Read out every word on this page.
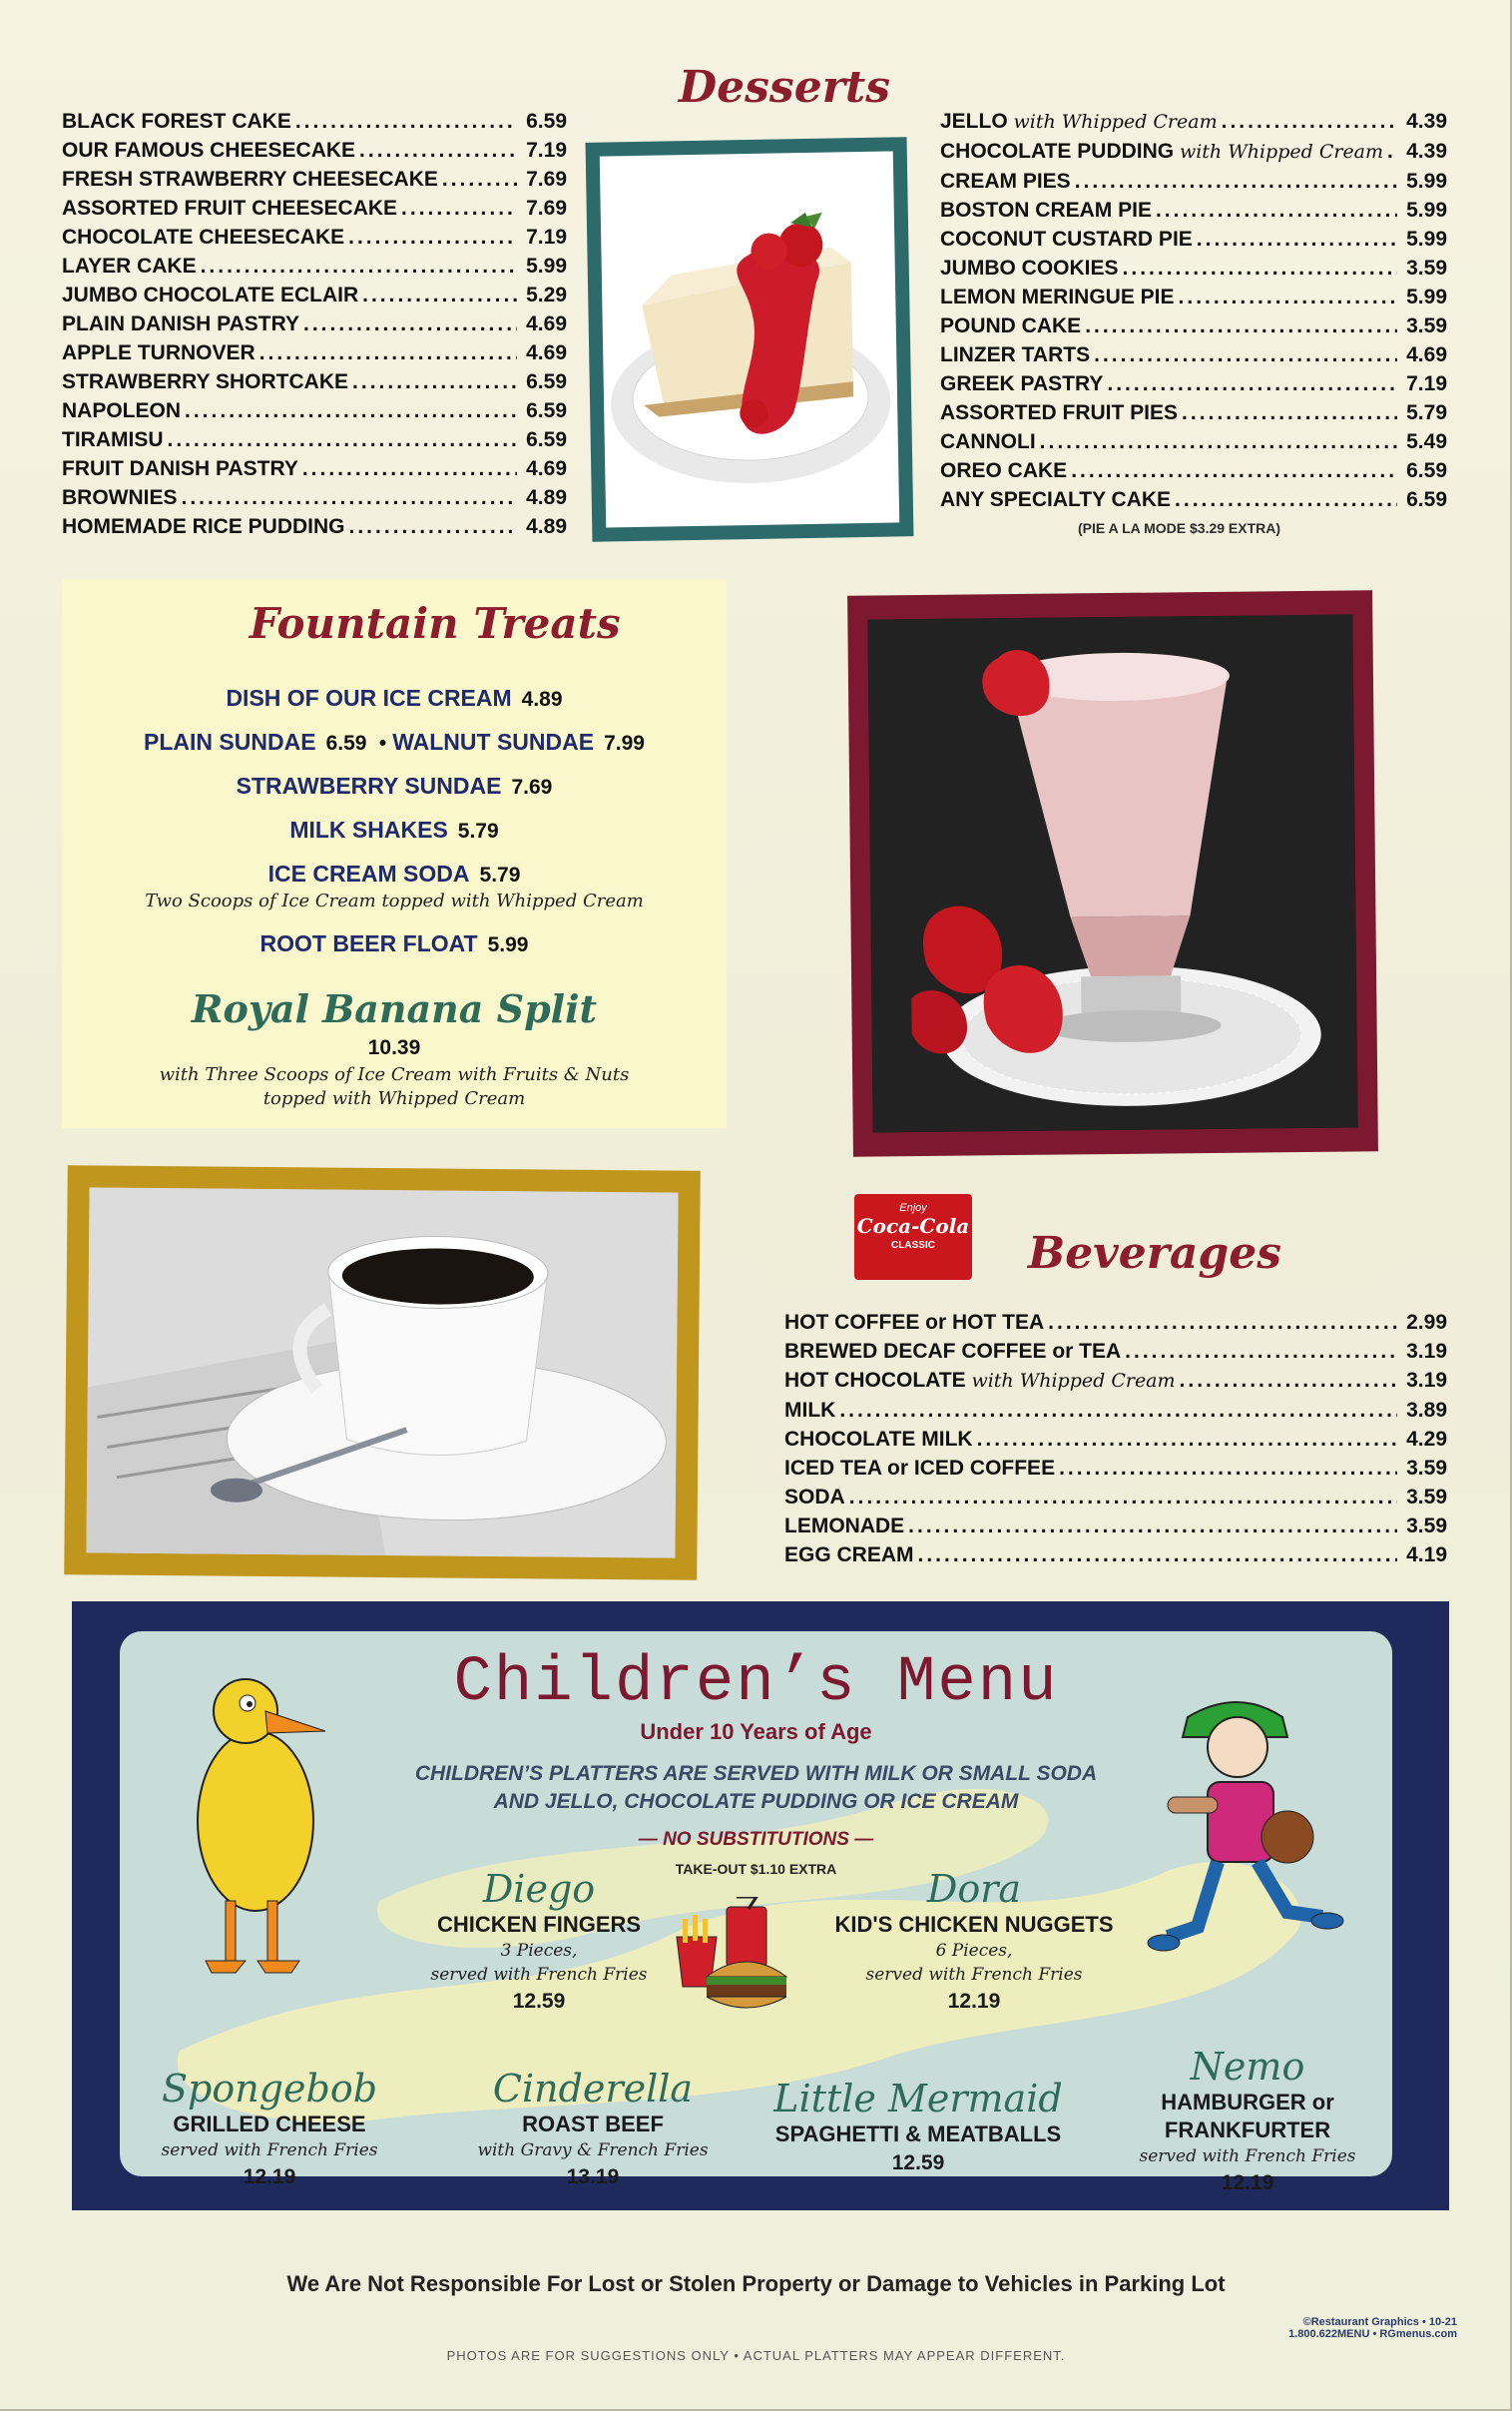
Desserts
BLACK FOREST CAKE .....	6.59
OUR FAMOUS CHEESECAKE .....	7.19
FRESH STRAWBERRY CHEESECAKE .....	7.69
ASSORTED FRUIT CHEESECAKE .....	7.69
CHOCOLATE CHEESECAKE .....	7.19
LAYER CAKE .....	5.99
JUMBO CHOCOLATE ECLAIR .....	5.29
PLAIN DANISH PASTRY .....	4.69
APPLE TURNOVER .....	4.69
STRAWBERRY SHORTCAKE .....	6.59
NAPOLEON .....	6.59
TIRAMISU .....	6.59
FRUIT DANISH PASTRY .....	4.69
BROWNIES .....	4.89
HOMEMADE RICE PUDDING .....	4.89
JELLO with Whipped Cream .....	4.39
CHOCOLATE PUDDING with Whipped Cream ..... 4.39
CREAM PIES .....	5.99
BOSTON CREAM PIE .....	5.99
COCONUT CUSTARD PIE .....	5.99
JUMBO COOKIES .....	3.59
LEMON MERINGUE PIE .....	5.99
POUND CAKE .....	3.59
LINZER TARTS .....	4.69
GREEK PASTRY .....	7.19
ASSORTED FRUIT PIES .....	5.79
CANNOLI .....	5.49
OREO CAKE .....	6.59
ANY SPECIALTY CAKE .....	6.59
(PIE A LA MODE $3.29 EXTRA)
Fountain Treats
DISH OF OUR ICE CREAM 4.89
PLAIN SUNDAE 6.59 • WALNUT SUNDAE 7.99
STRAWBERRY SUNDAE 7.69
MILK SHAKES 5.79
ICE CREAM SODA 5.79
Two Scoops of Ice Cream topped with Whipped Cream
ROOT BEER FLOAT 5.99
Royal Banana Split
10.39
with Three Scoops of Ice Cream with Fruits & Nuts
topped with Whipped Cream
Enjoy
Coca-Cola
CLASSIC	Beverages
HOT COFFEE or HOT TEA .....	2.99
BREWED DECAF COFFEE or TEA .....	3.19
HOT CHOCOLATE with Whipped Cream .....	3.19
MILK .....	3.89
CHOCOLATE MILK .....	4.29
ICED TEA or ICED COFFEE .....	3.59
SODA .....	3.59
LEMONADE .....	3.59
EGG CREAM .....	4.19
Children’s Menu
Under 10 Years of Age
CHILDREN’S PLATTERS ARE SERVED WITH MILK OR SMALL SODA
AND JELLO, CHOCOLATE PUDDING OR ICE CREAM
— NO SUBSTITUTIONS —
TAKE-OUT $1.10 EXTRA
Diego
CHICKEN FINGERS
3 Pieces,
served with French Fries
12.59
Dora
KID'S CHICKEN NUGGETS
6 Pieces,
served with French Fries
12.19
Spongebob
GRILLED CHEESE
served with French Fries
12.19
Cinderella
ROAST BEEF
with Gravy & French Fries
13.19
Little Mermaid
SPAGHETTI & MEATBALLS
12.59
Nemo
HAMBURGER or
FRANKFURTER
served with French Fries
12.19
We Are Not Responsible For Lost or Stolen Property or Damage to Vehicles in Parking Lot
©Restaurant Graphics • 10-21
1.800.622MENU • RGmenus.com
PHOTOS ARE FOR SUGGESTIONS ONLY • ACTUAL PLATTERS MAY APPEAR DIFFERENT.
